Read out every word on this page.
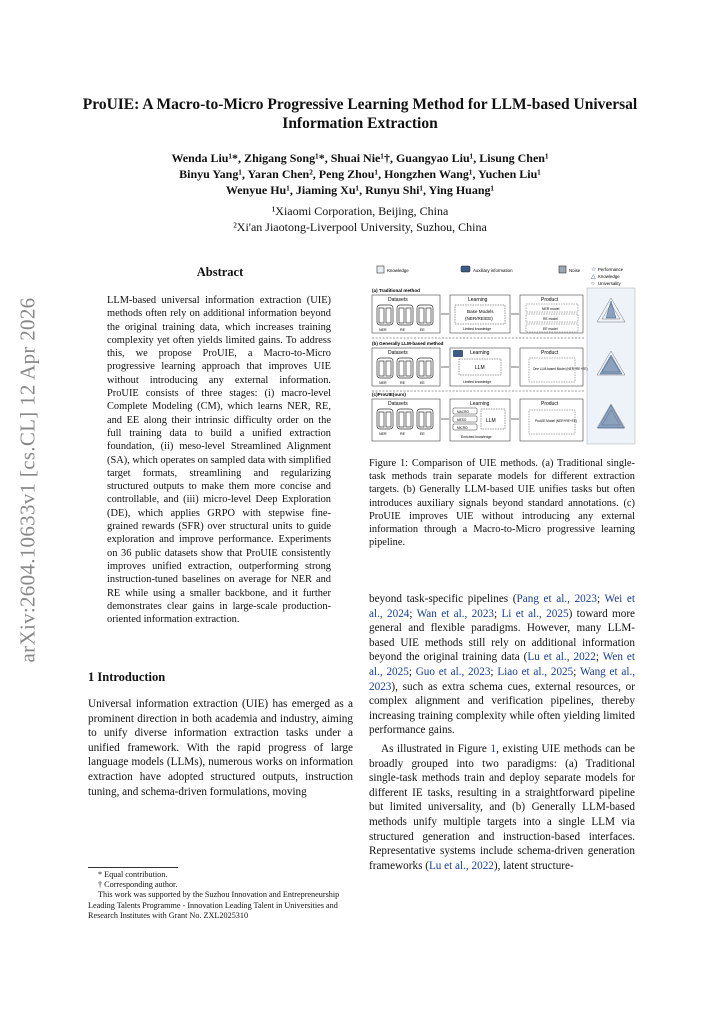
ProUIE: A Macro-to-Micro Progressive Learning Method for LLM-based Universal Information Extraction
Wenda Liu¹*, Zhigang Song¹*, Shuai Nie¹†, Guangyao Liu¹, Lisung Chen¹
Binyu Yang¹, Yaran Chen², Peng Zhou¹, Hongzhen Wang¹, Yuchen Liu¹
Wenyue Hu¹, Jiaming Xu¹, Runyu Shi¹, Ying Huang¹
¹Xiaomi Corporation, Beijing, China
²Xi'an Jiaotong-Liverpool University, Suzhou, China
arXiv:2604.10633v1 [cs.CL] 12 Apr 2026
Abstract
LLM-based universal information extraction (UIE) methods often rely on additional information beyond the original training data, which increases training complexity yet often yields limited gains. To address this, we propose ProUIE, a Macro-to-Micro progressive learning approach that improves UIE without introducing any external information. ProUIE consists of three stages: (i) macro-level Complete Modeling (CM), which learns NER, RE, and EE along their intrinsic difficulty order on the full training data to build a unified extraction foundation, (ii) meso-level Streamlined Alignment (SA), which operates on sampled data with simplified target formats, streamlining and regularizing structured outputs to make them more concise and controllable, and (iii) micro-level Deep Exploration (DE), which applies GRPO with stepwise fine-grained rewards (SFR) over structural units to guide exploration and improve performance. Experiments on 36 public datasets show that ProUIE consistently improves unified extraction, outperforming strong instruction-tuned baselines on average for NER and RE while using a smaller backbone, and it further demonstrates clear gains in large-scale production-oriented information extraction.
1 Introduction
Universal information extraction (UIE) has emerged as a prominent direction in both academia and industry, aiming to unify diverse information extraction tasks under a unified framework. With the rapid progress of large language models (LLMs), numerous works on information extraction have adopted structured outputs, instruction tuning, and schema-driven formulations, moving

* Equal contribution.

† Corresponding author.

This work was supported by the Suzhou Innovation and Entrepreneurship Leading Talents Programme - Innovation Leading Talent in Universities and Research Institutes with Grant No. ZXL2025310

Knowledge	Auxiliary information	Noise ☆ Performance
△ Knowledge
○ Universality
(a) Traditional method
Datasets
NER	RE	EE
Learning
Base Models
(NER/RE/EE)
Limited knowledge
Product
NER model
RE model
EE model
(b) Generally LLM-based method
Datasets
NER	RE	EE
Learning
LLM
Limited knowledge
Product
One LLM-based Model (NER+RE+EE)
(c)ProUIE(ours)
Datasets
NER	RE	EE
Learning
MACRO
MESO
MICRO
LLM
Enriched knowledge
Product
ProUIE Model (NER+RE+EE)
Figure 1: Comparison of UIE methods. (a) Traditional single-task methods train separate models for different extraction targets. (b) Generally LLM-based UIE unifies tasks but often introduces auxiliary signals beyond standard annotations. (c) ProUIE improves UIE without introducing any external information through a Macro-to-Micro progressive learning pipeline.

beyond task-specific pipelines (Pang et al., 2023; Wei et al., 2024; Wan et al., 2023; Li et al., 2025) toward more general and flexible paradigms. However, many LLM-based UIE methods still rely on additional information beyond the original training data (Lu et al., 2022; Wen et al., 2025; Guo et al., 2023; Liao et al., 2025; Wang et al., 2023), such as extra schema cues, external resources, or complex alignment and verification pipelines, thereby increasing training complexity while often yielding limited performance gains.

As illustrated in Figure 1, existing UIE methods can be broadly grouped into two paradigms: (a) Traditional single-task methods train and deploy separate models for different IE tasks, resulting in a straightforward pipeline but limited universality, and (b) Generally LLM-based methods unify multiple targets into a single LLM via structured generation and instruction-based interfaces. Representative systems include schema-driven generation frameworks (Lu et al., 2022), latent structure-
